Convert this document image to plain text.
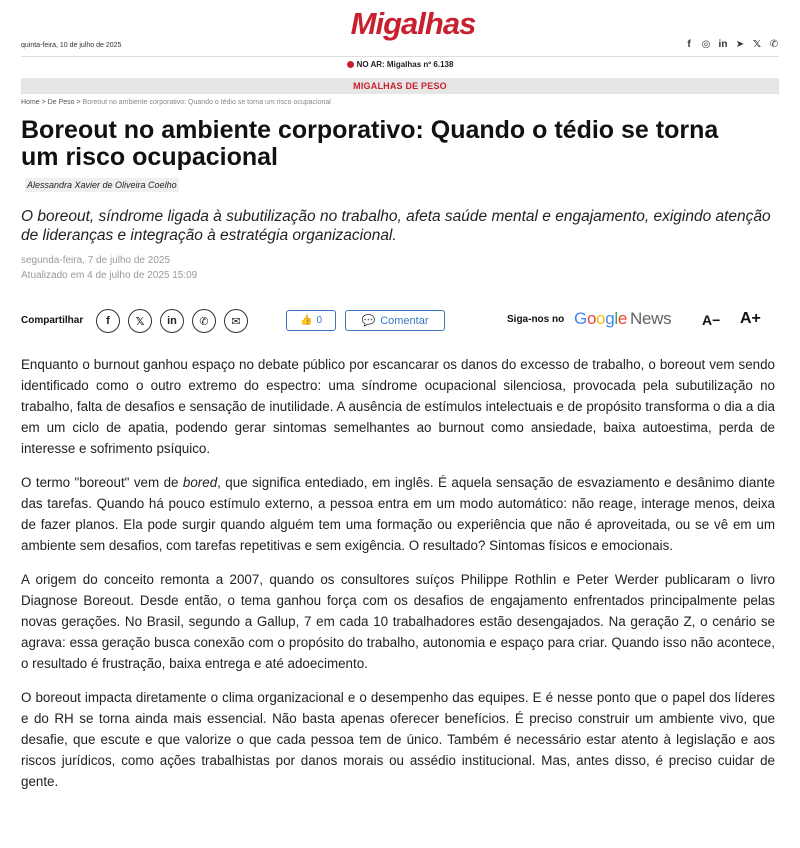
quinta-feira, 10 de julho de 2025
Migalhas
f	◎ in ➤ 𝕏 ✆
NO AR: Migalhas nº 6.138
MIGALHAS DE PESO
Home > De Peso > Boreout no ambiente corporativo: Quando o tédio se torna um risco ocupacional
Boreout no ambiente corporativo: Quando o tédio se torna um risco ocupacional
Alessandra Xavier de Oliveira Coelho
O boreout, síndrome ligada à subutilização no trabalho, afeta saúde mental e engajamento, exigindo atenção de lideranças e integração à estratégia organizacional.
segunda-feira, 7 de julho de 2025
Atualizado em 4 de julho de 2025 15:09
Compartilhar f 𝕏 in ✆ ✉	👍 0	💬 Comentar	Siga-nos no Google News A− A+

Enquanto o burnout ganhou espaço no debate público por escancarar os danos do excesso de trabalho, o boreout vem sendo identificado como o outro extremo do espectro: uma síndrome ocupacional silenciosa, provocada pela subutilização no trabalho, falta de desafios e sensação de inutilidade. A ausência de estímulos intelectuais e de propósito transforma o dia a dia em um ciclo de apatia, podendo gerar sintomas semelhantes ao burnout como ansiedade, baixa autoestima, perda de interesse e sofrimento psíquico.

O termo "boreout" vem de bored, que significa entediado, em inglês. É aquela sensação de esvaziamento e desânimo diante das tarefas. Quando há pouco estímulo externo, a pessoa entra em um modo automático: não reage, interage menos, deixa de fazer planos. Ela pode surgir quando alguém tem uma formação ou experiência que não é aproveitada, ou se vê em um ambiente sem desafios, com tarefas repetitivas e sem exigência. O resultado? Sintomas físicos e emocionais.

A origem do conceito remonta a 2007, quando os consultores suíços Philippe Rothlin e Peter Werder publicaram o livro Diagnose Boreout. Desde então, o tema ganhou força com os desafios de engajamento enfrentados principalmente pelas novas gerações. No Brasil, segundo a Gallup, 7 em cada 10 trabalhadores estão desengajados. Na geração Z, o cenário se agrava: essa geração busca conexão com o propósito do trabalho, autonomia e espaço para criar. Quando isso não acontece, o resultado é frustração, baixa entrega e até adoecimento.

O boreout impacta diretamente o clima organizacional e o desempenho das equipes. E é nesse ponto que o papel dos líderes e do RH se torna ainda mais essencial. Não basta apenas oferecer benefícios. É preciso construir um ambiente vivo, que desafie, que escute e que valorize o que cada pessoa tem de único. Também é necessário estar atento à legislação e aos riscos jurídicos, como ações trabalhistas por danos morais ou assédio institucional. Mas, antes disso, é preciso cuidar de gente.
